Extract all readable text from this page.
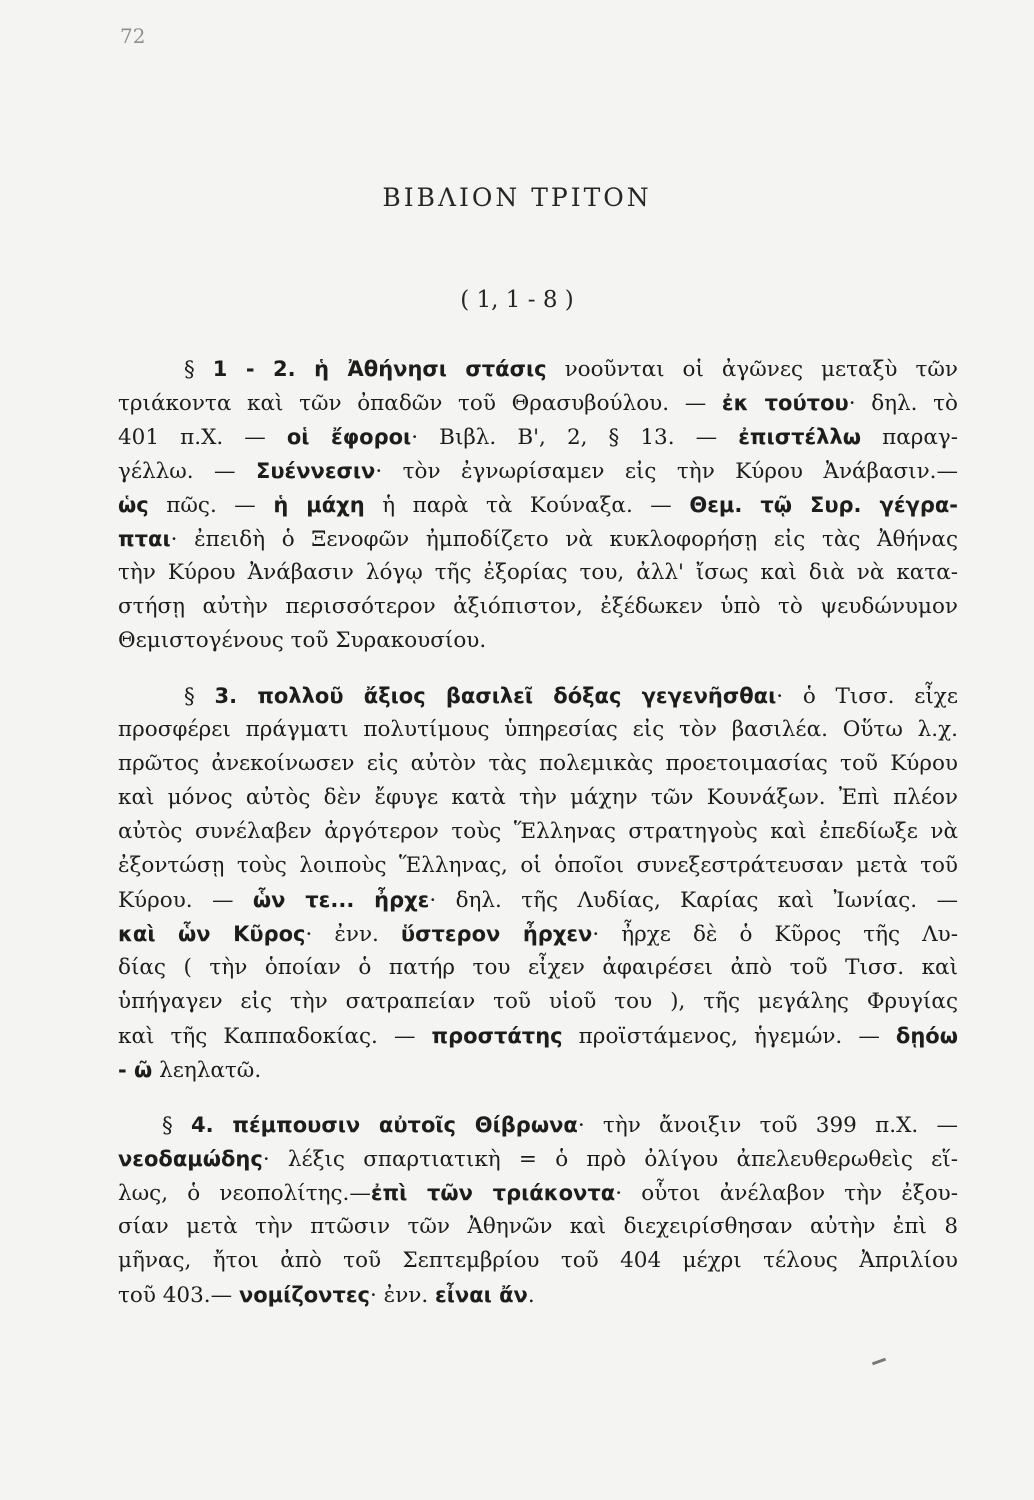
72
ΒΙΒΛΙΟΝ ΤΡΙΤΟΝ
( 1, 1 - 8 )
§ 1 - 2. ἡ Ἀθήνησι στάσις νοοῦνται οἱ ἀγῶνες μεταξὺ τῶν
τριάκοντα καὶ τῶν ὀπαδῶν τοῦ Θρασυβούλου. — ἐκ τούτου· δηλ. τὸ
401 π.Χ. — οἱ ἔφοροι· Βιβλ. Β', 2, § 13. — ἐπιστέλλω παραγ-
γέλλω. — Συέννεσιν· τὸν ἐγνωρίσαμεν εἰς τὴν Κύρου Ἀνάβασιν.—
ὡς πῶς. — ἡ μάχη ἡ παρὰ τὰ Κούναξα. — Θεμ. τῷ Συρ. γέγρα-
πται· ἐπειδὴ ὁ Ξενοφῶν ἠμποδίζετο νὰ κυκλοφορήσῃ εἰς τὰς Ἀθήνας
τὴν Κύρου Ἀνάβασιν λόγῳ τῆς ἐξορίας του, ἀλλ' ἴσως καὶ διὰ νὰ κατα-
στήσῃ αὐτὴν περισσότερον ἀξιόπιστον, ἐξέδωκεν ὑπὸ τὸ ψευδώνυμον
Θεμιστογένους τοῦ Συρακουσίου.
§ 3. πολλοῦ ἄξιος βασιλεῖ δόξας γεγενῆσθαι· ὁ Τισσ. εἶχε
προσφέρει πράγματι πολυτίμους ὑπηρεσίας εἰς τὸν βασιλέα. Οὕτω λ.χ.
πρῶτος ἀνεκοίνωσεν εἰς αὐτὸν τὰς πολεμικὰς προετοιμασίας τοῦ Κύρου
καὶ μόνος αὐτὸς δὲν ἔφυγε κατὰ τὴν μάχην τῶν Κουνάξων. Ἐπὶ πλέον
αὐτὸς συνέλαβεν ἀργότερον τοὺς Ἕλληνας στρατηγοὺς καὶ ἐπεδίωξε νὰ
ἐξοντώσῃ τοὺς λοιποὺς Ἕλληνας, οἱ ὁποῖοι συνεξεστράτευσαν μετὰ τοῦ
Κύρου. — ὧν τε... ἦρχε· δηλ. τῆς Λυδίας, Καρίας καὶ Ἰωνίας. —
καὶ ὧν Κῦρος· ἐνν. ὕστερον ἦρχεν· ἦρχε δὲ ὁ Κῦρος τῆς Λυ-
δίας ( τὴν ὁποίαν ὁ πατήρ του εἶχεν ἀφαιρέσει ἀπὸ τοῦ Τισσ. καὶ
ὑπήγαγεν εἰς τὴν σατραπείαν τοῦ υἱοῦ του ), τῆς μεγάλης Φρυγίας
καὶ τῆς Καππαδοκίας. — προστάτης προϊστάμενος, ἡγεμών. — δῃόω
- ῶ λεηλατῶ.
§ 4. πέμπουσιν αὐτοῖς Θίβρωνα· τὴν ἄνοιξιν τοῦ 399 π.Χ. —
νεοδαμώδης· λέξις σπαρτιατικὴ = ὁ πρὸ ὀλίγου ἀπελευθερωθεὶς εἵ-
λως, ὁ νεοπολίτης.—ἐπὶ τῶν τριάκοντα· οὗτοι ἀνέλαβον τὴν ἐξου-
σίαν μετὰ τὴν πτῶσιν τῶν Ἀθηνῶν καὶ διεχειρίσθησαν αὐτὴν ἐπὶ 8
μῆνας, ἤτοι ἀπὸ τοῦ Σεπτεμβρίου τοῦ 404 μέχρι τέλους Ἀπριλίου
τοῦ 403.— νομίζοντες· ἐνν. εἶναι ἄν.
